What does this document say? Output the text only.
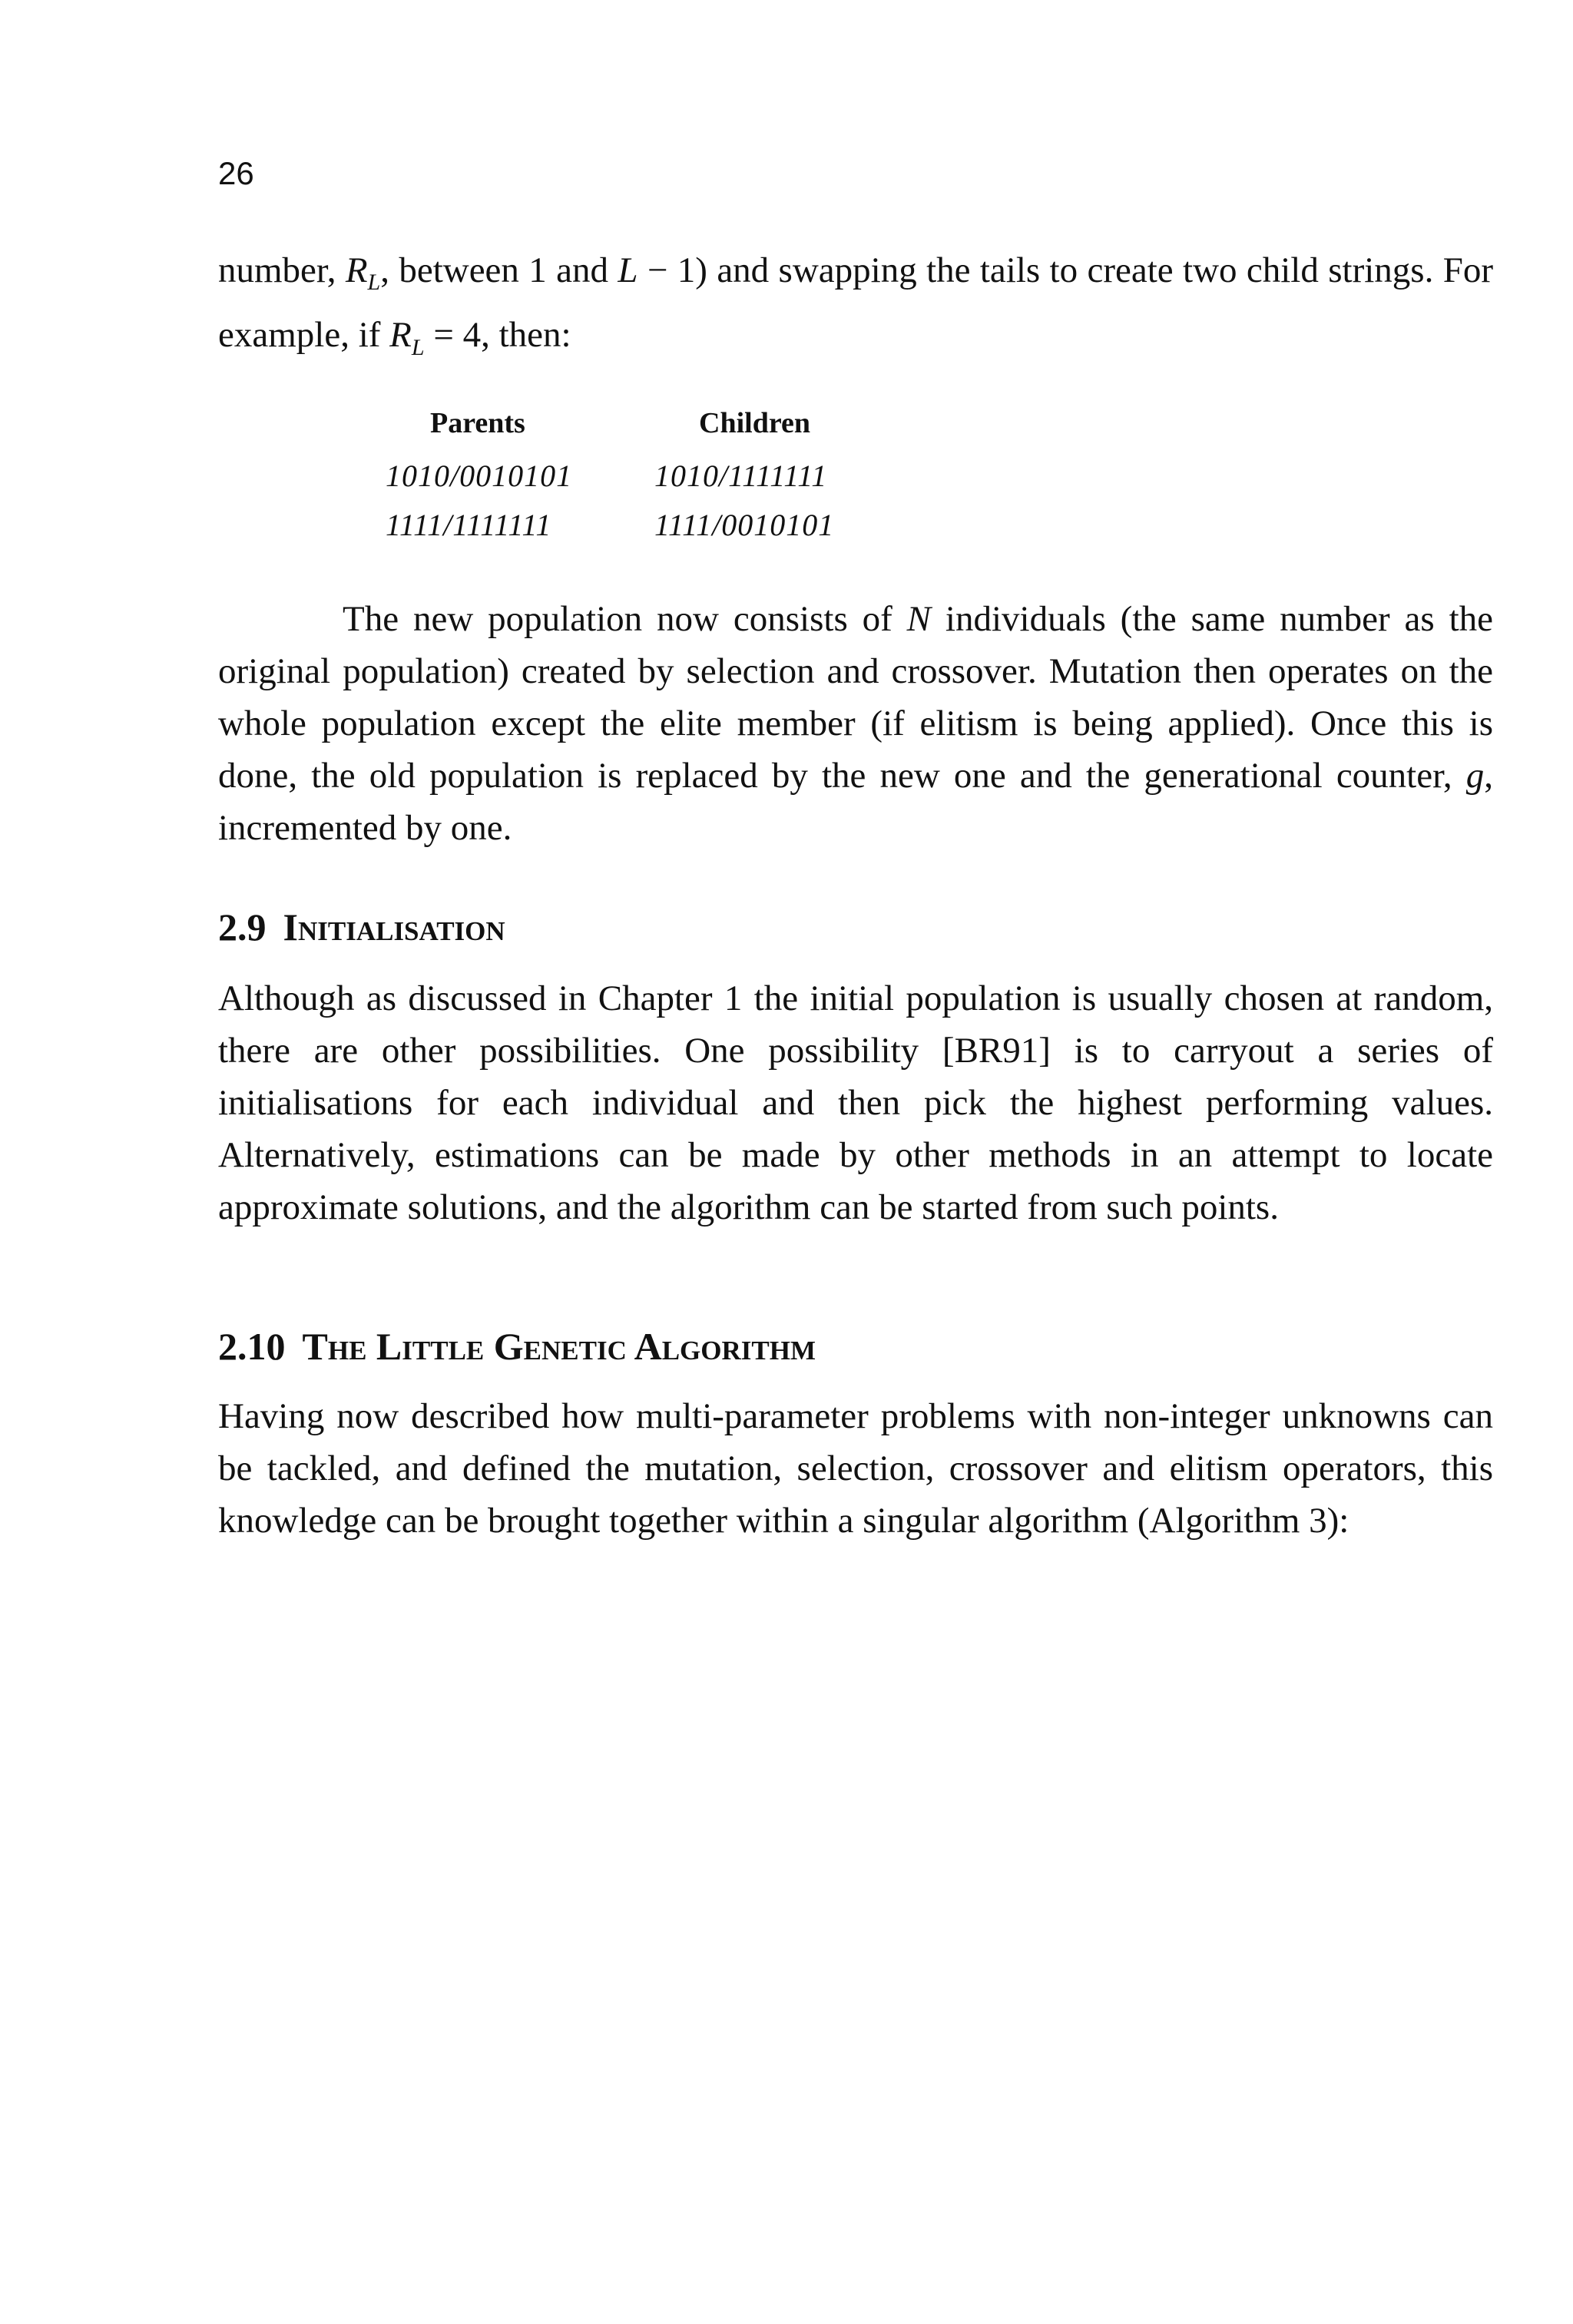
26

number, $R_L$, between 1 and L − 1) and swapping the tails to create two child strings. For example, if $R_L = 4$, then:

Parents	Children
1010/0010101
1111/1111111
1010/1111111
1111/0010101

The new population now consists of N individuals (the same number as the original population) created by selection and crossover. Mutation then operates on the whole population except the elite member (if elitism is being applied). Once this is done, the old population is replaced by the new one and the generational counter, g, incremented by one.

2.9 Initialisation

Although as discussed in Chapter 1 the initial population is usually chosen at random, there are other possibilities. One possibility [BR91] is to carryout a series of initialisations for each individual and then pick the highest performing values. Alternatively, estimations can be made by other methods in an attempt to locate approximate solutions, and the algorithm can be started from such points.

2.10 The Little Genetic Algorithm

Having now described how multi-parameter problems with non-integer unknowns can be tackled, and defined the mutation, selection, crossover and elitism operators, this knowledge can be brought together within a singular algorithm (Algorithm 3):
